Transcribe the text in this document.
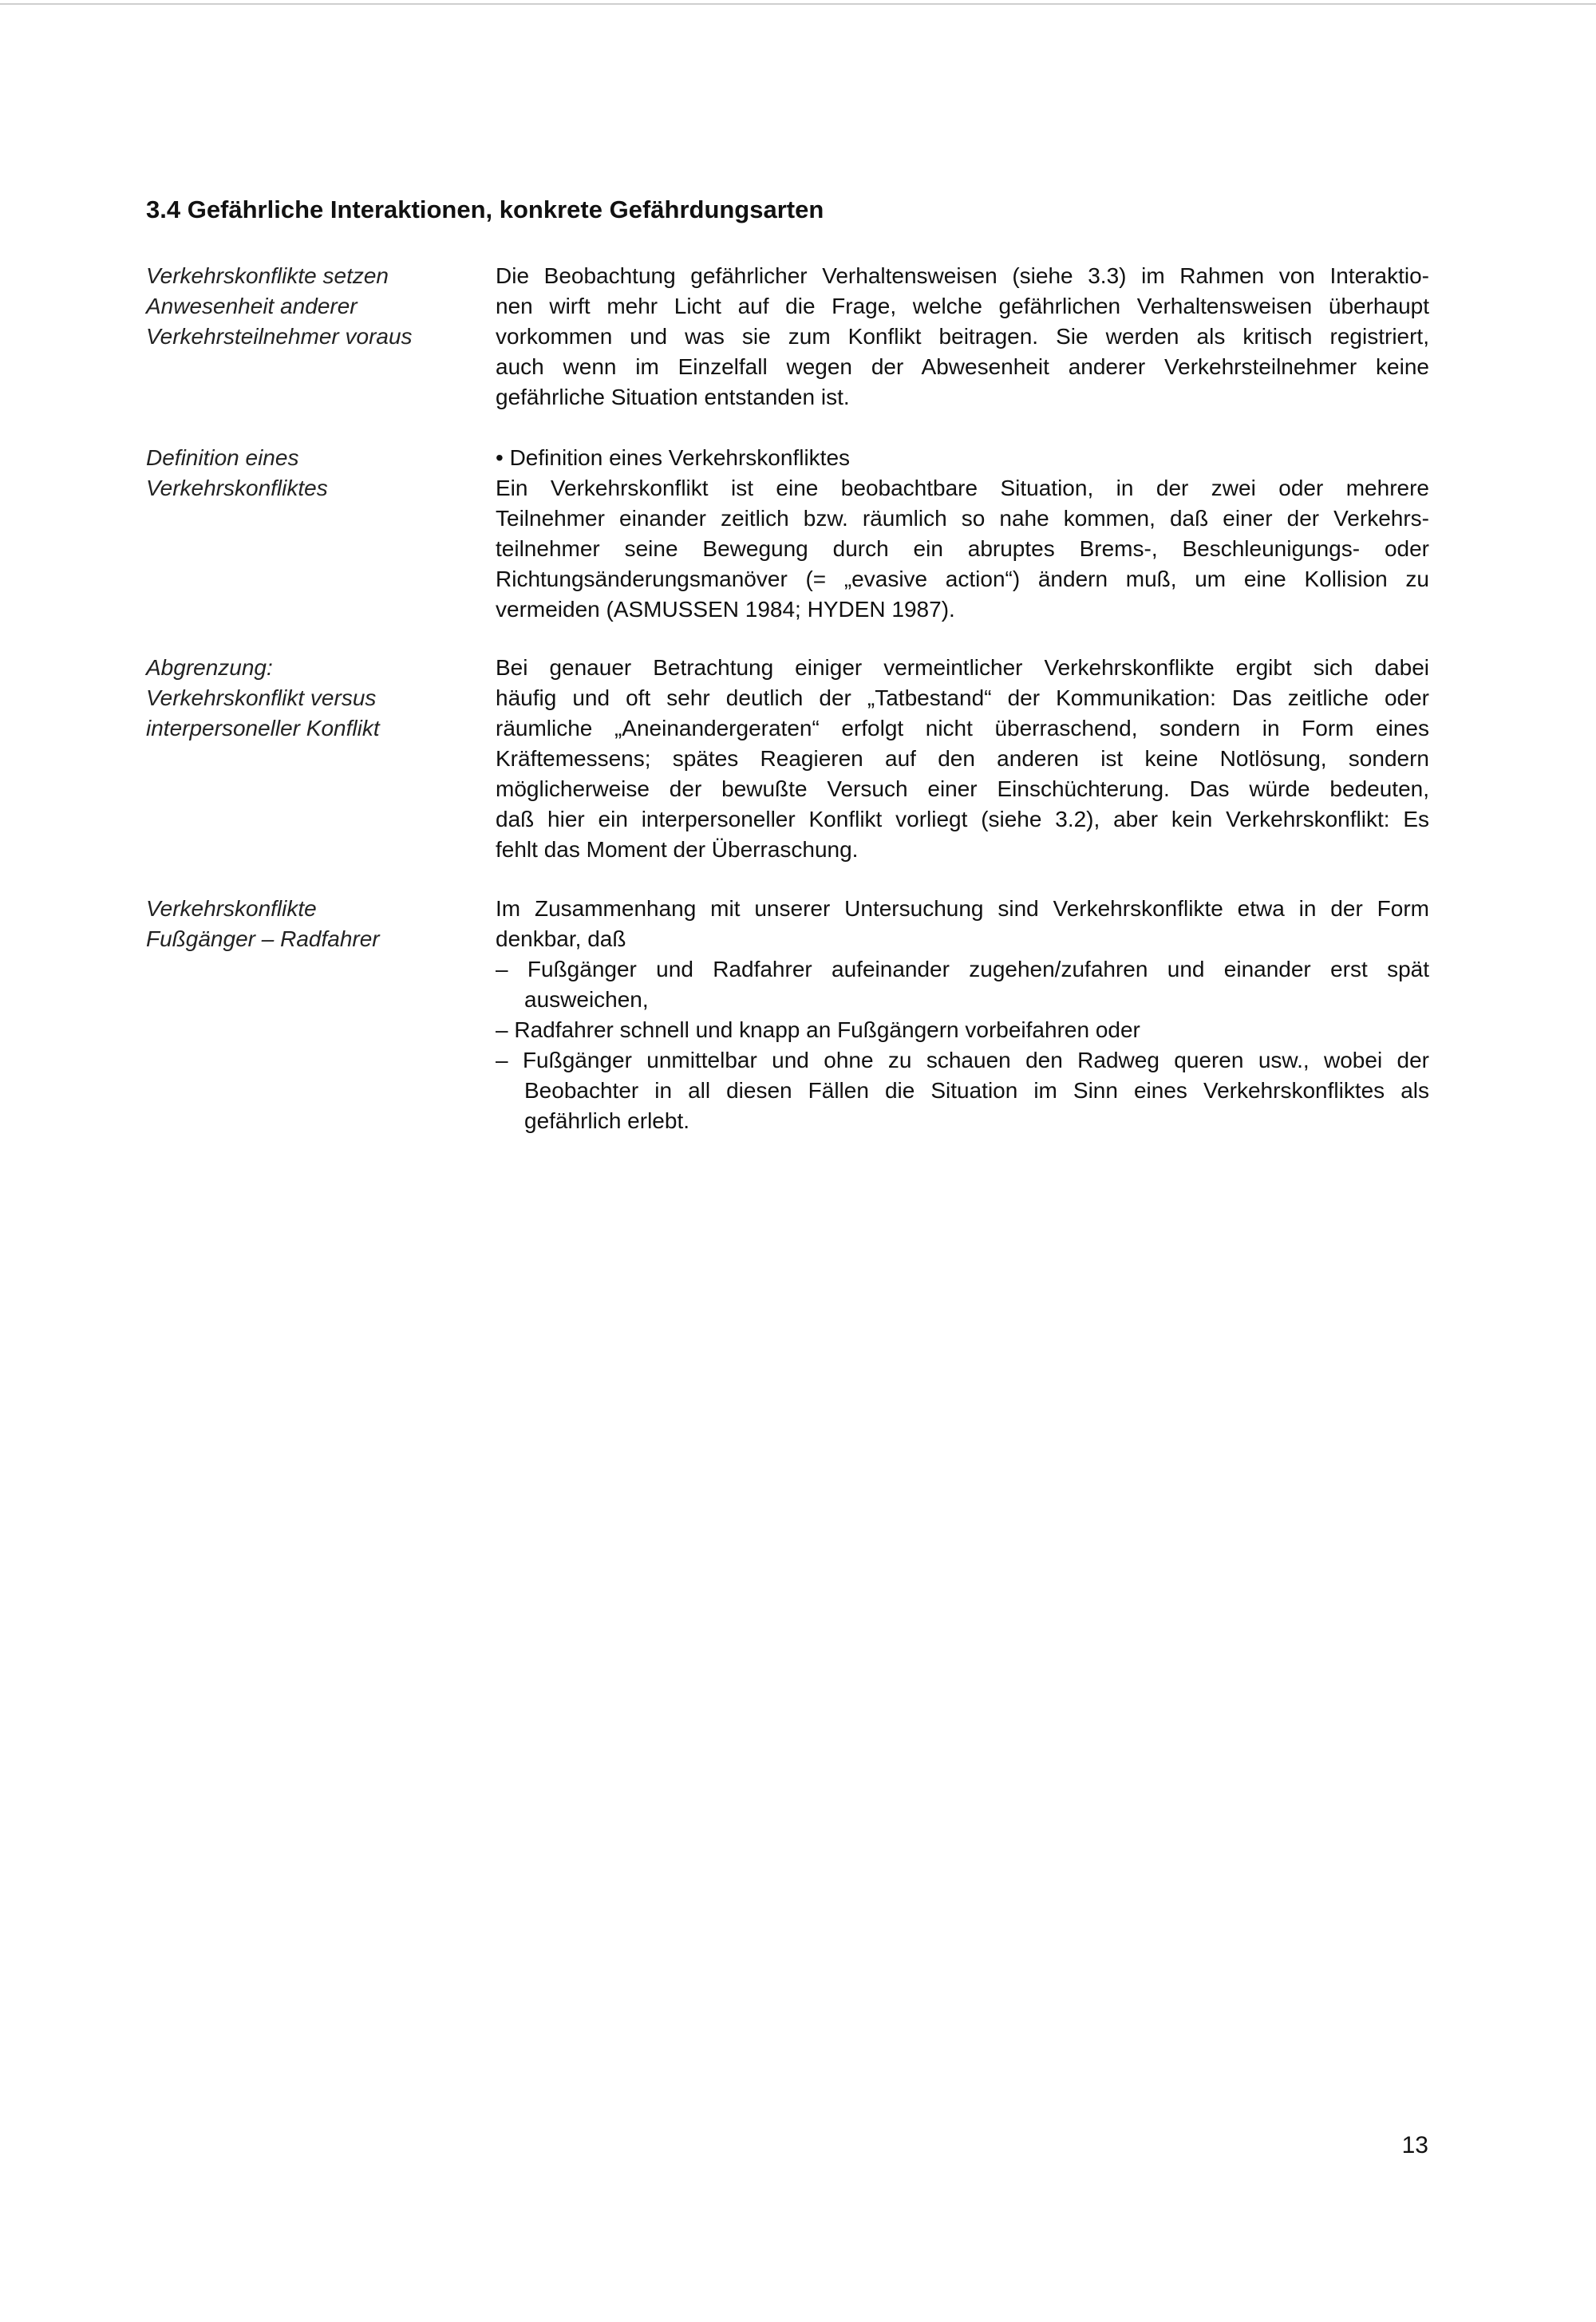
3.4 Gefährliche Interaktionen, konkrete Gefährdungsarten
Verkehrskonflikte setzen
Anwesenheit anderer
Verkehrsteilnehmer voraus
Die Beobachtung gefährlicher Verhaltensweisen (siehe 3.3) im Rahmen von Interaktio-
nen wirft mehr Licht auf die Frage, welche gefährlichen Verhaltensweisen überhaupt
vorkommen und was sie zum Konflikt beitragen. Sie werden als kritisch registriert,
auch wenn im Einzelfall wegen der Abwesenheit anderer Verkehrsteilnehmer keine
gefährliche Situation entstanden ist.
Definition eines
Verkehrskonfliktes
• Definition eines Verkehrskonfliktes
Ein Verkehrskonflikt ist eine beobachtbare Situation, in der zwei oder mehrere
Teilnehmer einander zeitlich bzw. räumlich so nahe kommen, daß einer der Verkehrs-
teilnehmer seine Bewegung durch ein abruptes Brems-, Beschleunigungs- oder
Richtungsänderungsmanöver (= „evasive action“) ändern muß, um eine Kollision zu
vermeiden (ASMUSSEN 1984; HYDEN 1987).
Abgrenzung:
Verkehrskonflikt versus
interpersoneller Konflikt
Bei genauer Betrachtung einiger vermeintlicher Verkehrskonflikte ergibt sich dabei
häufig und oft sehr deutlich der „Tatbestand“ der Kommunikation: Das zeitliche oder
räumliche „Aneinandergeraten“ erfolgt nicht überraschend, sondern in Form eines
Kräftemessens; spätes Reagieren auf den anderen ist keine Notlösung, sondern
möglicherweise der bewußte Versuch einer Einschüchterung. Das würde bedeuten,
daß hier ein interpersoneller Konflikt vorliegt (siehe 3.2), aber kein Verkehrskonflikt: Es
fehlt das Moment der Überraschung.
Verkehrskonflikte
Fußgänger – Radfahrer
Im Zusammenhang mit unserer Untersuchung sind Verkehrskonflikte etwa in der Form
denkbar, daß
– Fußgänger und Radfahrer aufeinander zugehen/zufahren und einander erst spät
ausweichen,
– Radfahrer schnell und knapp an Fußgängern vorbeifahren oder
– Fußgänger unmittelbar und ohne zu schauen den Radweg queren usw., wobei der
Beobachter in all diesen Fällen die Situation im Sinn eines Verkehrskonfliktes als
gefährlich erlebt.
13
